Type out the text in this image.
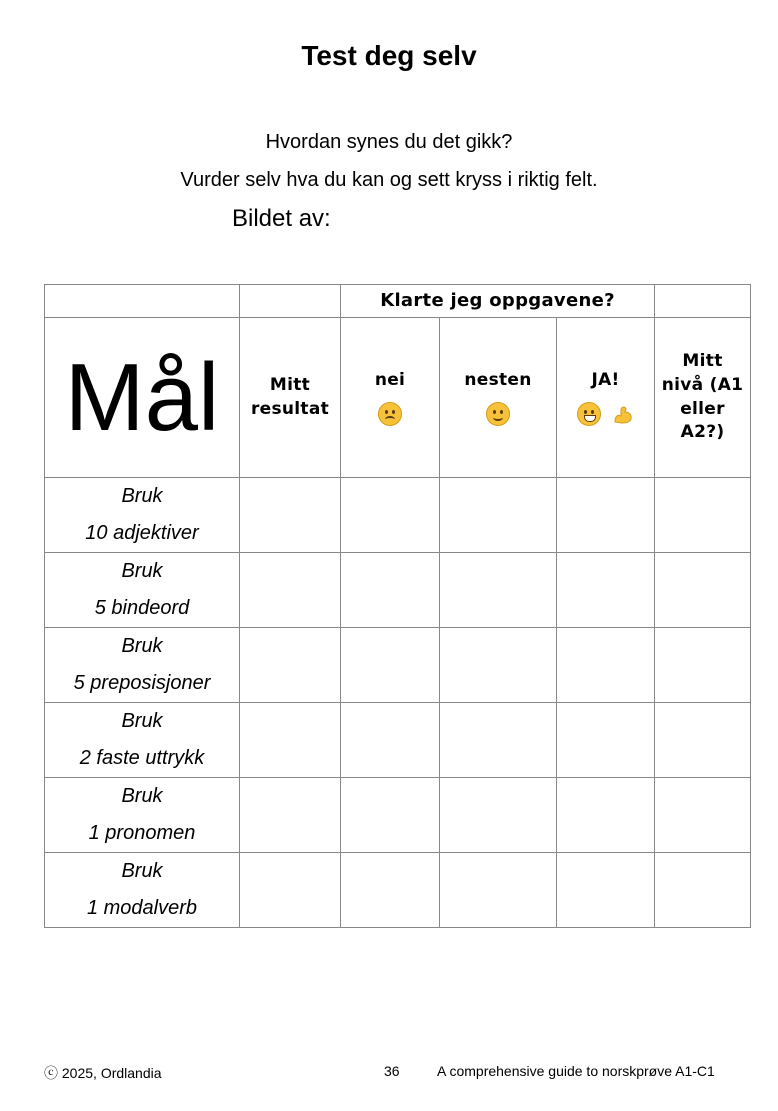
Test deg selv
Hvordan synes du det gikk?
Vurder selv hva du kan og sett kryss i riktig felt.
Bildet av:
		Klarte jeg oppgavene?			
Mål	Mitt resultat	nei	nesten	JA!	Mitt nivå (A1 eller A2?)

Bruk
10 adjektiver					

Bruk
5 bindeord					

Bruk
5 preposisjoner					

Bruk
2 faste uttrykk					

Bruk
1 pronomen					

Bruk
1 modalverb					

ⓒ 2025, Ordlandia	36	A comprehensive guide to norskprøve A1-C1
